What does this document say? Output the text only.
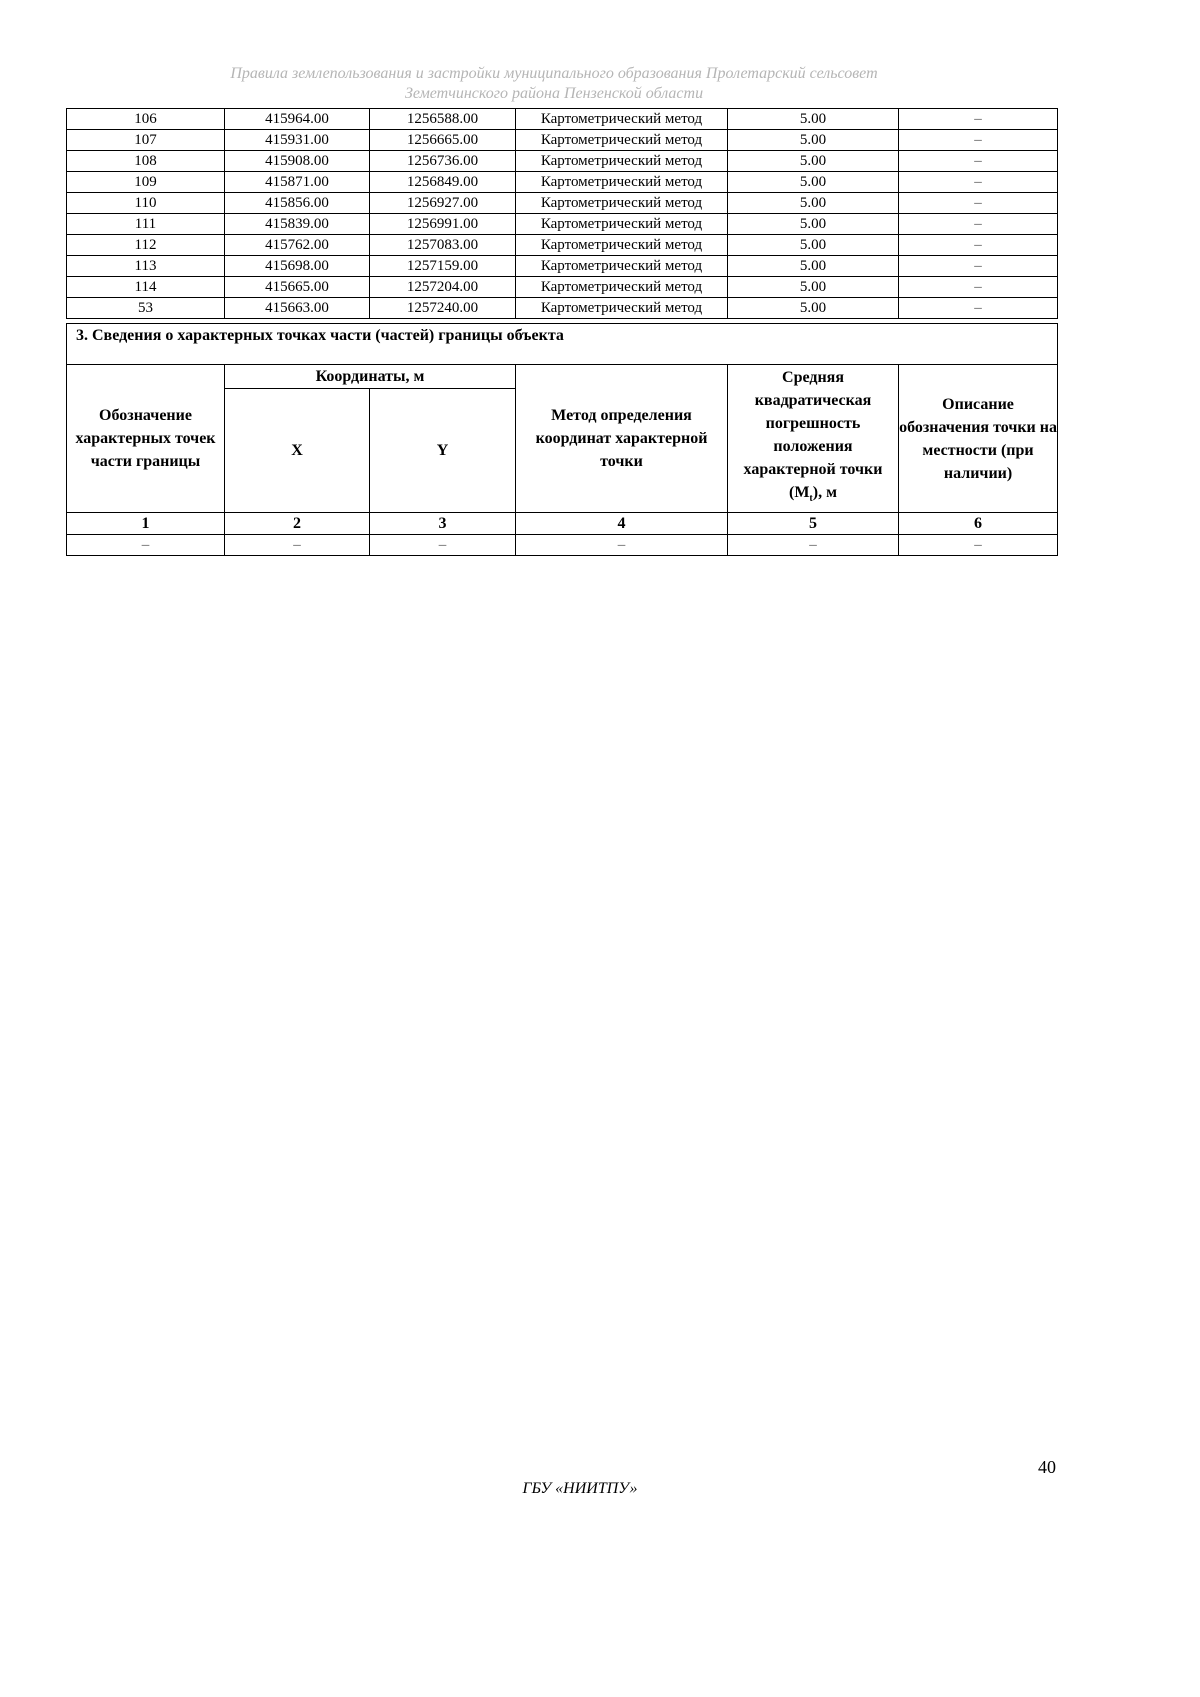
Правила землепользования и застройки муниципального образования Пролетарский сельсовет
Земетчинского района Пензенской области
106	415964.00	1256588.00	Картометрический метод	5.00	–
107	415931.00	1256665.00	Картометрический метод	5.00	–
108	415908.00	1256736.00	Картометрический метод	5.00	–
109	415871.00	1256849.00	Картометрический метод	5.00	–
110	415856.00	1256927.00	Картометрический метод	5.00	–
111	415839.00	1256991.00	Картометрический метод	5.00	–
112	415762.00	1257083.00	Картометрический метод	5.00	–
113	415698.00	1257159.00	Картометрический метод	5.00	–
114	415665.00	1257204.00	Картометрический метод	5.00	–
53	415663.00	1257240.00	Картометрический метод	5.00	–
3. Сведения о характерных точках части (частей) границы объекта					
Обозначение характерных точек части границы	Координаты, м		Метод определения координат характерной точки	Средняя квадратическая погрешность положения характерной точки $(M_t)$, м	Описание обозначения точки на местности (при наличии)
	X	Y			
1	2	3	4	5	6
–	–	–	–	–	–
40
ГБУ «НИИТПУ»
